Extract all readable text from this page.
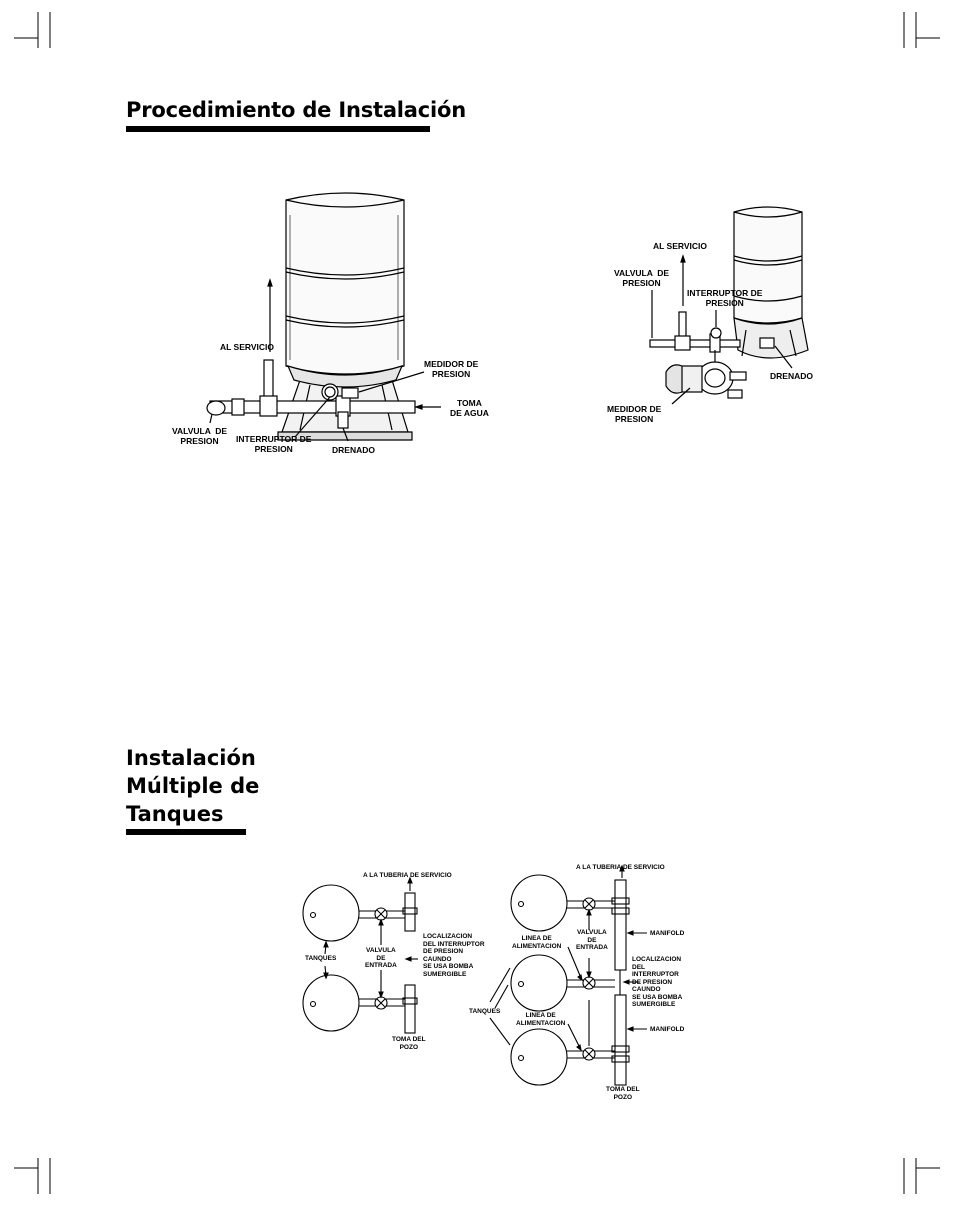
Procedimiento de Instalación
AL SERVICIO
MEDIDOR DE
PRESION
TOMA
DE AGUA
VALVULA  DE
PRESION	INTERRUPTOR DE
PRESION	DRENADO
AL SERVICIO
VALVULA  DE
PRESION
INTERRUPTOR DE
PRESION
DRENADO
MEDIDOR DE
PRESION
Instalación
Múltiple de
Tanques
A LA TUBERIA DE SERVICIO
TANQUES
VALVULA
DE
ENTRADA
LOCALIZACION
DEL INTERRUPTOR
DE PRESION
CAUNDO
SE USA BOMBA
SUMERGIBLE
TOMA DEL
POZO
A LA TUBERIA DE SERVICIO
LINEA DE
ALIMENTACION
VALVULA
DE
ENTRADA
MANIFOLD
LOCALIZACION
DEL
INTERRUPTOR
DE PRESION
CAUNDO
SE USA BOMBA
SUMERGIBLE
TANQUES
LINEA DE
ALIMENTACION
MANIFOLD
TOMA DEL
POZO
